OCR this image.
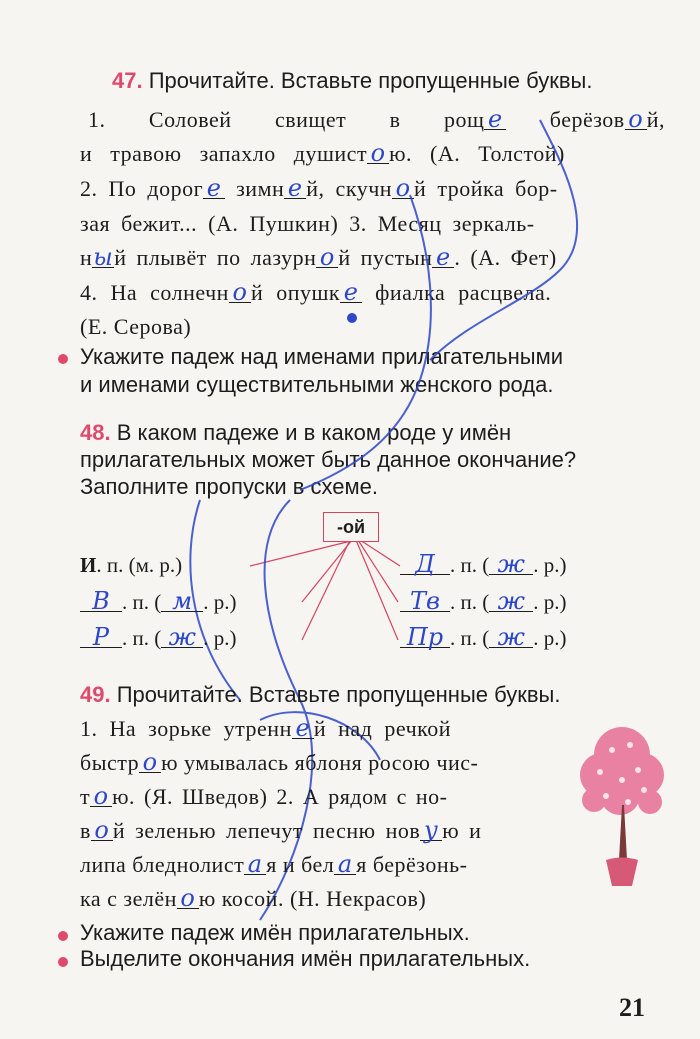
47. Прочитайте. Вставьте пропущенные буквы.
1. Соловей свищет в рощ е берёзов о й,
и травою запахло душист о ю. (А. Толстой)
2. По дорог е зимн е й, скучн о й тройка бор-
зая бежит... (А. Пушкин) 3. Месяц зеркаль-
ный плывёт по лазурн о й пустын е . (А. Фет)
4. На солнечн о й опушк е фиалка расцвела.
(Е. Серова)
Укажите падеж над именами прилагательными
и именами существительными женского рода.
48. В каком падеже и в каком роде у имён
прилагательных может быть данное окончание?
Заполните пропуски в схеме.
-ой
И. п. (м. р.)
В . п. ( м . р.)
Р . п. ( ж . р.)
Д . п. ( ж . р.)
Тв . п. ( ж . р.)
Пр . п. ( ж . р.)
49. Прочитайте. Вставьте пропущенные буквы.
1. На зорьке утренн е й над речкой
быстр о ю умывалась яблоня росою чис-
т о ю. (Я. Шведов) 2. А рядом с но-
в о й зеленью лепечут песню нов у ю и
липа бледнолист а я и бел а я берёзонь-
ка с зелён о ю косой. (Н. Некрасов)
Укажите падеж имён прилагательных.
Выделите окончания имён прилагательных.
21
